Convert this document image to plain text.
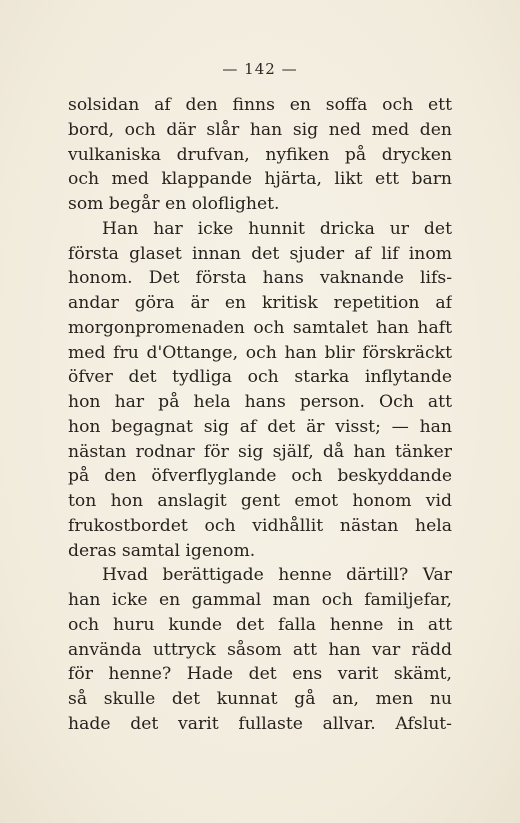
— 142 —
solsidan af den finns en soffa och ett
bord, och där slår han sig ned med den
vulkaniska drufvan, nyfiken på drycken
och med klappande hjärta, likt ett barn
som begår en oloflighet.
Han har icke hunnit dricka ur det
första glaset innan det sjuder af lif inom
honom. Det första hans vaknande lifs-
andar göra är en kritisk repetition af
morgonpromenaden och samtalet han haft
med fru d'Ottange, och han blir förskräckt
öfver det tydliga och starka inflytande
hon har på hela hans person. Och att
hon begagnat sig af det är visst; — han
nästan rodnar för sig själf, då han tänker
på den öfverflyglande och beskyddande
ton hon anslagit gent emot honom vid
frukostbordet och vidhållit nästan hela
deras samtal igenom.
Hvad berättigade henne därtill? Var
han icke en gammal man och familjefar,
och huru kunde det falla henne in att
använda uttryck såsom att han var rädd
för henne? Hade det ens varit skämt,
så skulle det kunnat gå an, men nu
hade det varit fullaste allvar. Afslut-
